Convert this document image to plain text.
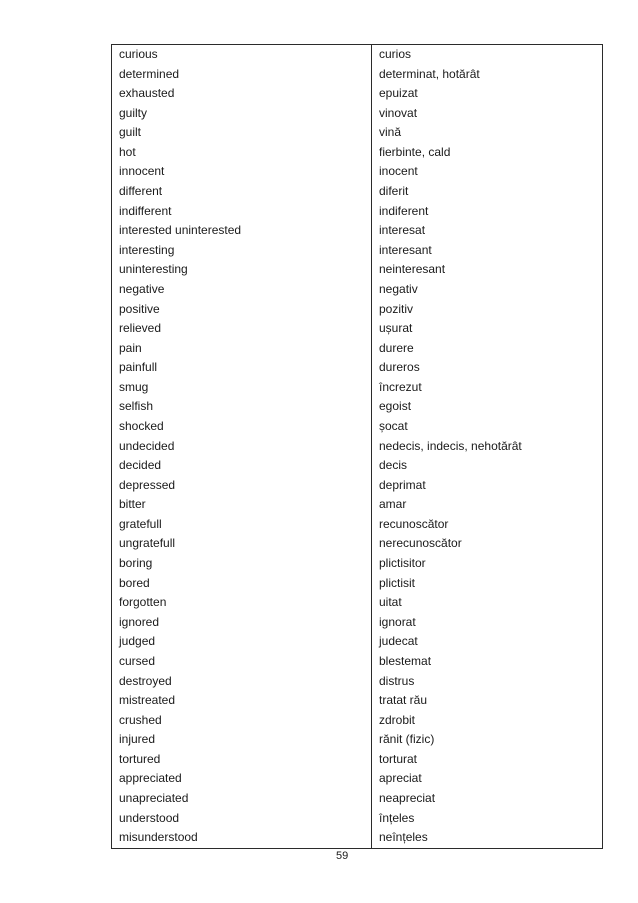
curious	curios
determined	determinat, hotărât
exhausted	epuizat
guilty	vinovat
guilt	vină
hot	fierbinte, cald
innocent	inocent
different	diferit
indifferent	indiferent
interested uninterested	interesat
interesting	interesant
uninteresting	neinteresant
negative	negativ
positive	pozitiv
relieved	ușurat
pain	durere
painfull	dureros
smug	încrezut
selfish	egoist
shocked	șocat
undecided	nedecis, indecis, nehotărât
decided	decis
depressed	deprimat
bitter	amar
gratefull	recunoscător
ungratefull	nerecunoscător
boring	plictisitor
bored	plictisit
forgotten	uitat
ignored	ignorat
judged	judecat
cursed	blestemat
destroyed	distrus
mistreated	tratat rău
crushed	zdrobit
injured	rănit (fizic)
tortured	torturat
appreciated	apreciat
unapreciated	neapreciat
understood	înțeles
misunderstood	neînțeles
59
